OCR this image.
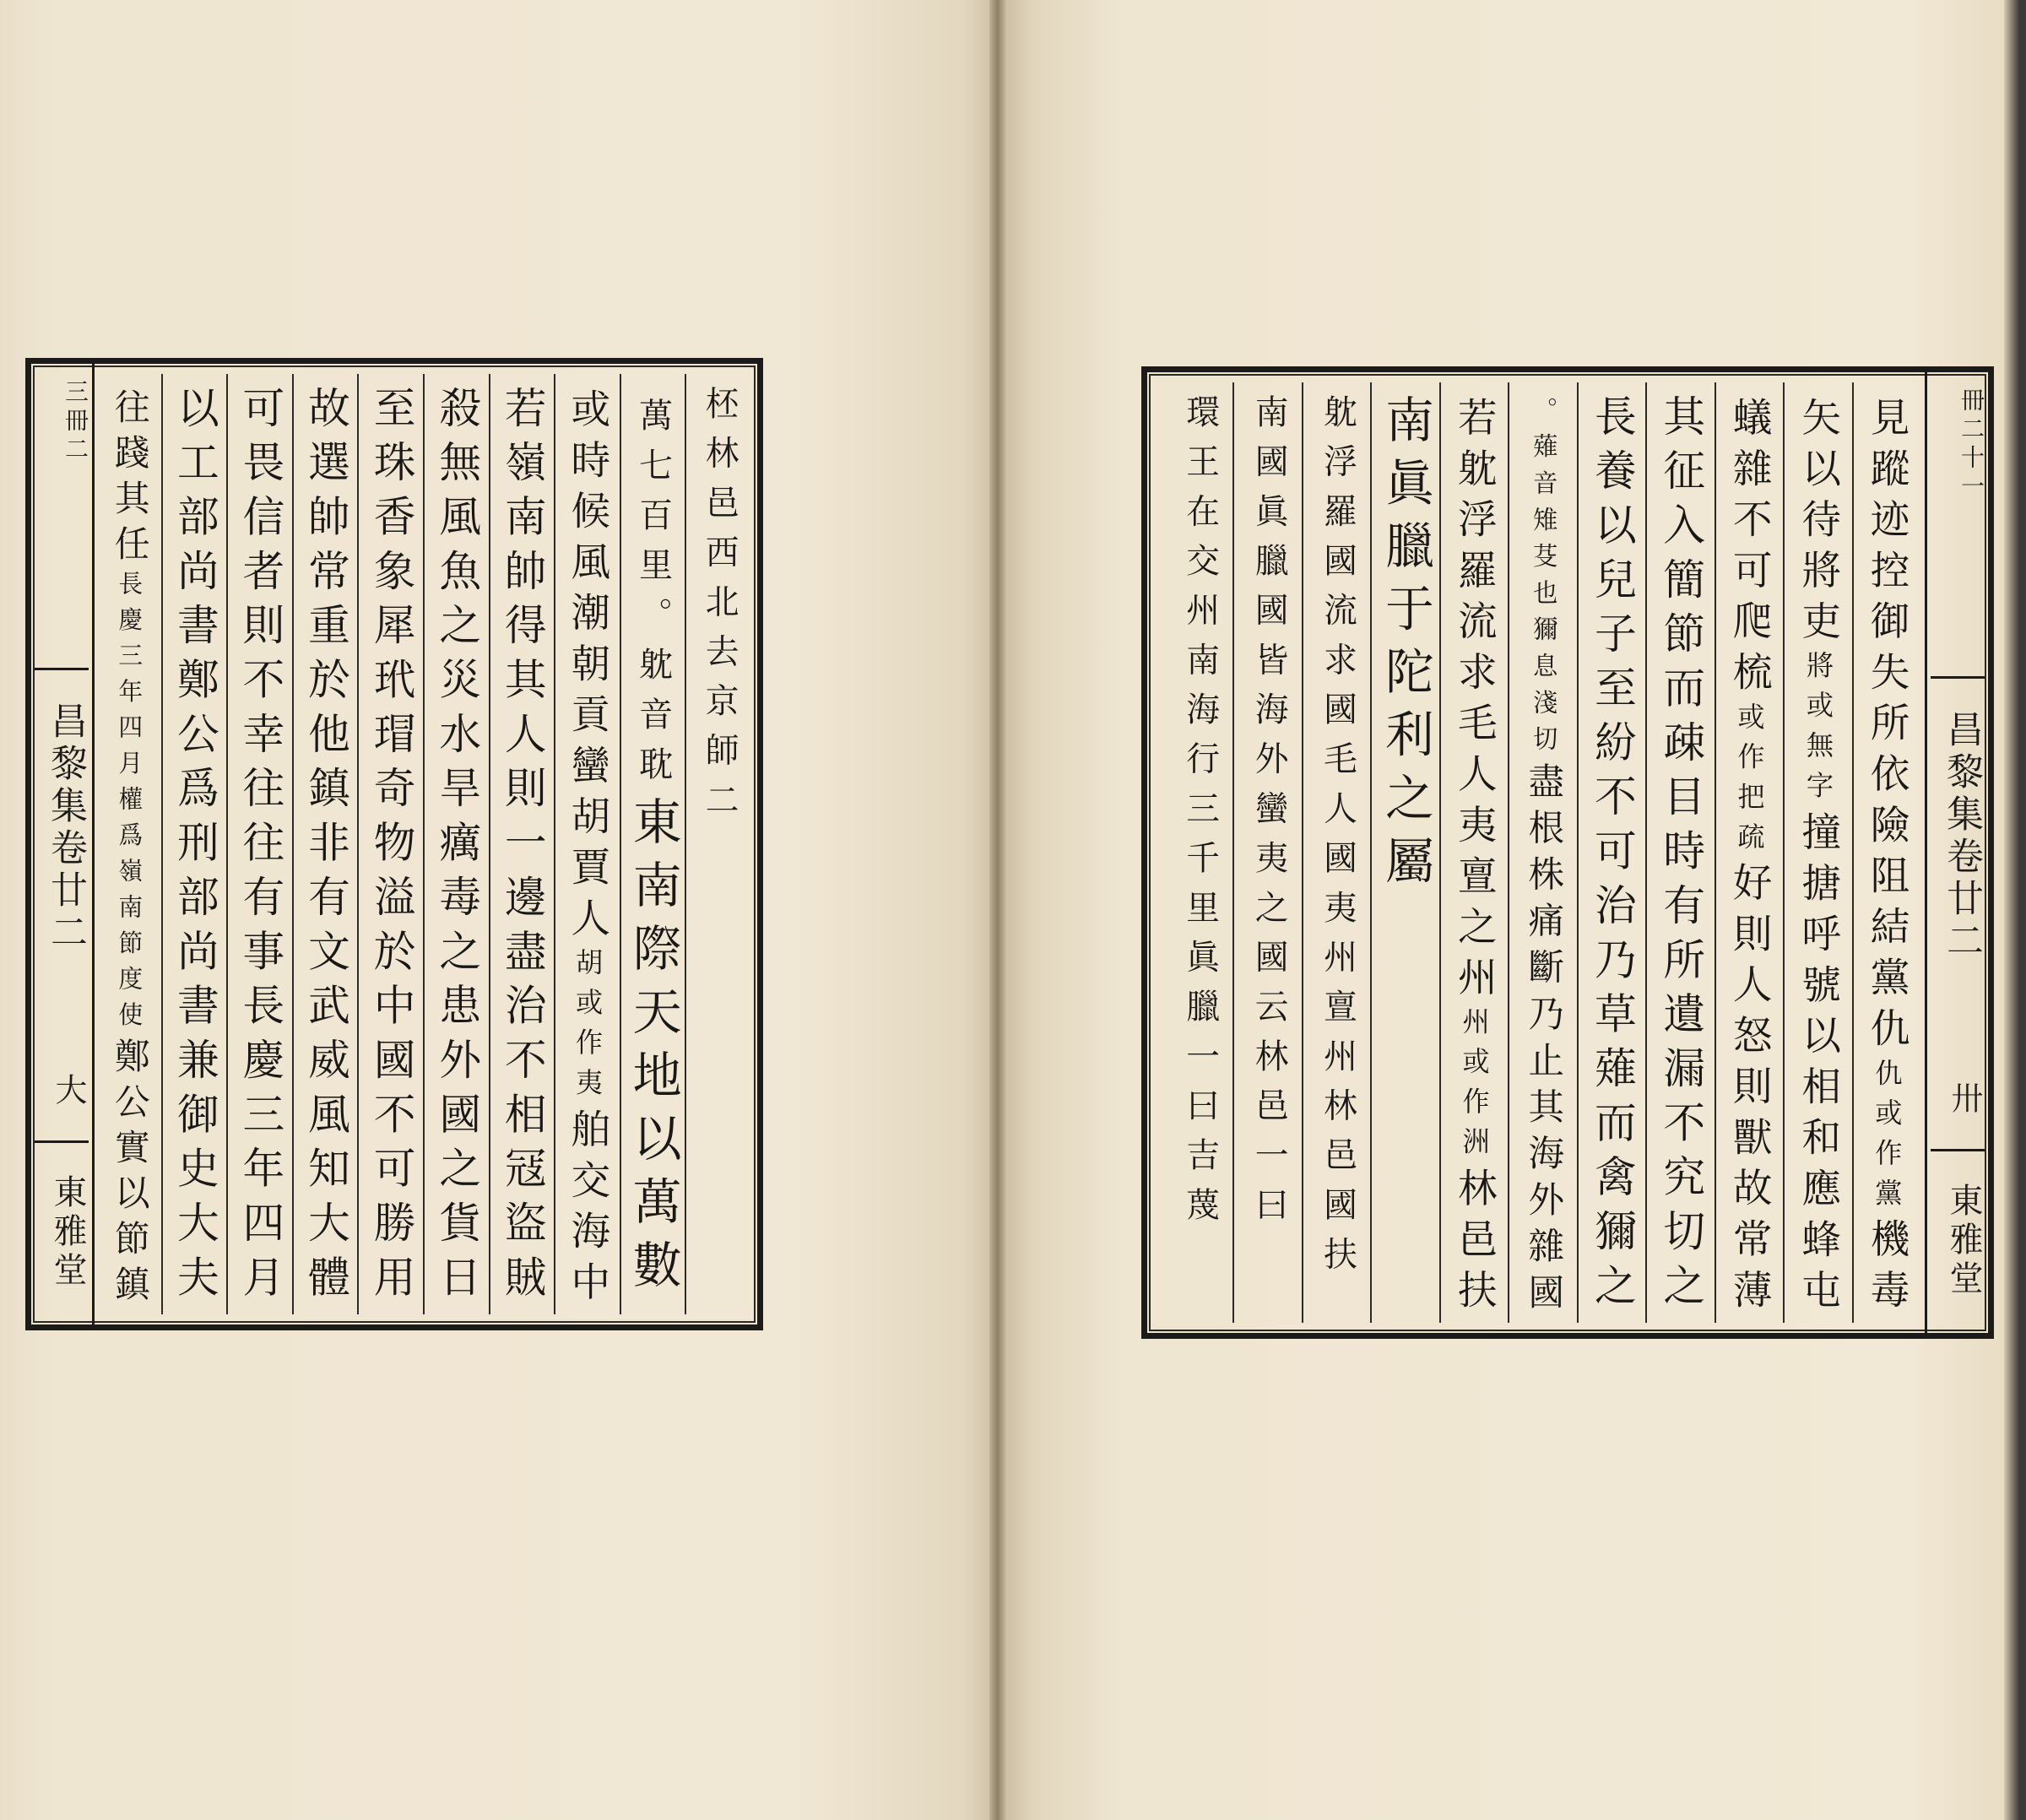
三冊二
昌黎集卷廿二
大
東雅堂
柸林邑西北去京師二
萬七百里。躭音耽
東南際天地以萬數
或時候風潮朝貢蠻胡賈人
胡或作夷
舶交海中
若嶺南帥得其人則一邊盡治不相冦盜賊
殺無風魚之災水旱癘毒之患外國之貨日
至珠香象犀玳瑁奇物溢於中國不可勝用
故選帥常重於他鎮非有文武威風知大體
可畏信者則不幸往往有事長慶三年四月
以工部尚書鄭公爲刑部尚書兼御史大夫
往踐其任
長慶三年四月權爲嶺南節度使
鄭公實以節鎮
冊二十一
昌黎集卷廿二
卅
東雅堂
見蹤迹控御失所依險阻結黨仇
仇或作黨
機毒
矢以待將吏
將或無字
撞搪呼號以相和應蜂屯
蟻雜不可爬梳
或作把疏
好則人怒則獸故常薄
其征入簡節而疎目時有所遺漏不究切之
長養以兒子至紛不可治乃草薙而禽獮之
。薙音雉芟也獮息淺切
盡根株痛斷乃止其海外雜國
若躭浮羅流求毛人夷亶之州
州或作洲
林邑扶
南眞臘于陀利之屬
躭浮羅國流求國毛人國夷州亶州林邑國扶
南國眞臘國皆海外蠻夷之國云林邑一曰
環王在交州南海行三千里眞臘一曰吉蔑
